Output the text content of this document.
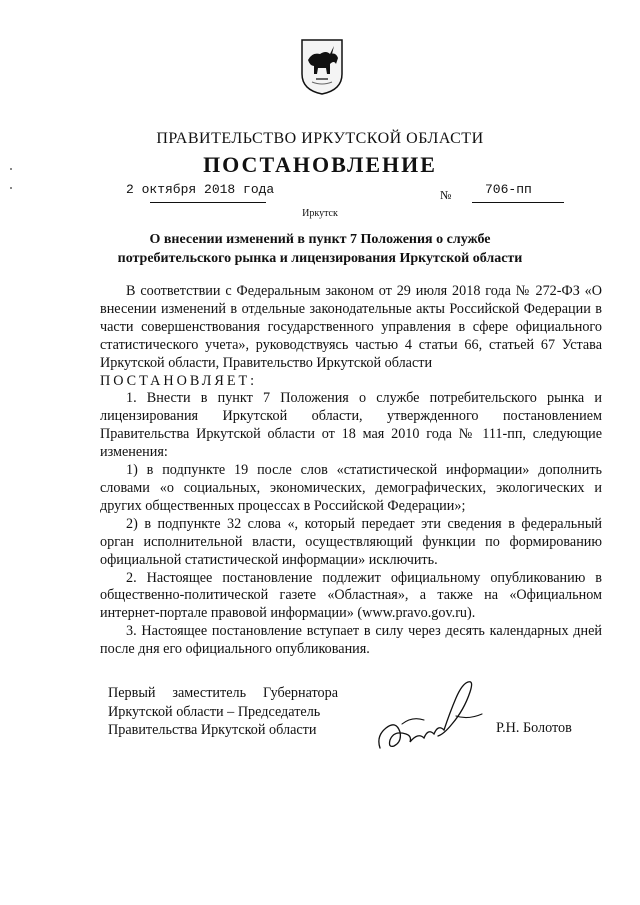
ПРАВИТЕЛЬСТВО ИРКУТСКОЙ ОБЛАСТИ
ПОСТАНОВЛЕНИЕ
2 октября 2018 года	№	706-пп
Иркутск
О внесении изменений в пункт 7 Положения о службе
потребительского рынка и лицензирования Иркутской области

В соответствии с Федеральным законом от 29 июля 2018 года № 272-ФЗ «О внесении изменений в отдельные законодательные акты Российской Федерации в части совершенствования государственного управления в сфере официального статистического учета», руководствуясь частью 4 статьи 66, статьей 67 Устава Иркутской области, Правительство Иркутской области

ПОСТАНОВЛЯЕТ:

1. Внести в пункт 7 Положения о службе потребительского рынка и лицензирования Иркутской области, утвержденного постановлением Правительства Иркутской области от 18 мая 2010 года № 111-пп, следующие изменения:

1) в подпункте 19 после слов «статистической информации» дополнить словами «о социальных, экономических, демографических, экологических и других общественных процессах в Российской Федерации»;

2) в подпункте 32 слова «, который передает эти сведения в федеральный орган исполнительной власти, осуществляющий функции по формированию официальной статистической информации» исключить.

2. Настоящее постановление подлежит официальному опубликованию в общественно-политической газете «Областная», а также на «Официальном интернет-портале правовой информации» (www.pravo.gov.ru).

3. Настоящее постановление вступает в силу через десять календарных дней после дня его официального опубликования.

Первый заместитель Губернатора
Иркутской области – Председатель
Правительства Иркутской области	Р.Н. Болотов
